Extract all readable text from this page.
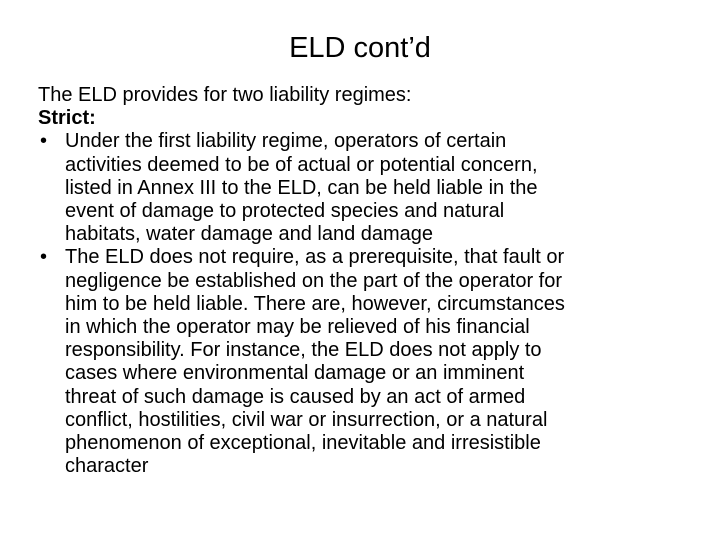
ELD cont’d
The ELD provides for two liability regimes:
Strict:
• Under the first liability regime, operators of certain
activities deemed to be of actual or potential concern,
listed in Annex III to the ELD, can be held liable in the
event of damage to protected species and natural
habitats, water damage and land damage
• The ELD does not require, as a prerequisite, that fault or
negligence be established on the part of the operator for
him to be held liable. There are, however, circumstances
in which the operator may be relieved of his financial
responsibility. For instance, the ELD does not apply to
cases where environmental damage or an imminent
threat of such damage is caused by an act of armed
conflict, hostilities, civil war or insurrection, or a natural
phenomenon of exceptional, inevitable and irresistible
character
